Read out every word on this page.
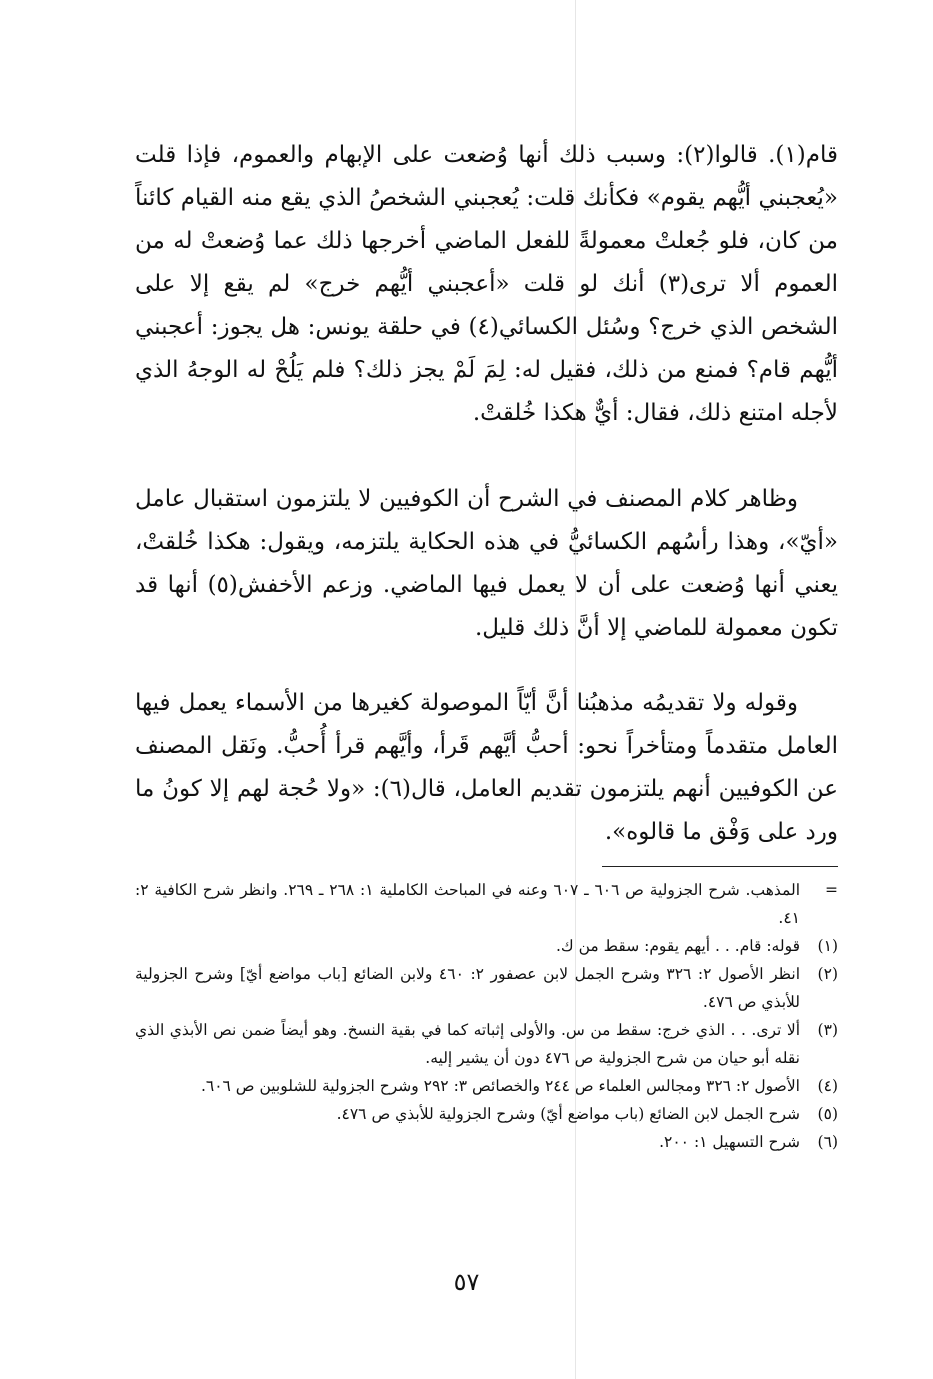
قام(١). قالوا(٢): وسبب ذلك أنها وُضعت على الإبهام والعموم، فإذا قلت «يُعجبني أيُّهم يقوم» فكأنك قلت: يُعجبني الشخصُ الذي يقع منه القيام كائناً من كان، فلو جُعلتْ معمولةً للفعل الماضي أخرجها ذلك عما وُضعتْ له من العموم ألا ترى(٣) أنك لو قلت «أعجبني أيُّهم خرج» لم يقع إلا على الشخص الذي خرج؟ وسُئل الكسائي(٤) في حلقة يونس: هل يجوز: أعجبني أيُّهم قام؟ فمنع من ذلك، فقيل له: لِمَ لَمْ يجز ذلك؟ فلم يَلُحْ له الوجهُ الذي لأجله امتنع ذلك، فقال: أيٌّ هكذا خُلقتْ.

وظاهر كلام المصنف في الشرح أن الكوفيين لا يلتزمون استقبال عامل «أيّ»، وهذا رأسُهم الكسائيُّ في هذه الحكاية يلتزمه، ويقول: هكذا خُلقتْ، يعني أنها وُضعت على أن لا يعمل فيها الماضي. وزعم الأخفش(٥) أنها قد تكون معمولة للماضي إلا أنَّ ذلك قليل.

وقوله ولا تقديمُه مذهبُنا أنَّ أيّاً الموصولة كغيرها من الأسماء يعمل فيها العامل متقدماً ومتأخراً نحو: أحبُّ أيَّهم قَرأ، وأيَّهم قرأ أُحبُّ. ونَقل المصنف عن الكوفيين أنهم يلتزمون تقديم العامل، قال(٦): «ولا حُجة لهم إلا كونُ ما ورد على وَفْق ما قالوه».

=
المذهب. شرح الجزولية ص ٦٠٦ ـ ٦٠٧ وعنه في المباحث الكاملية ١: ٢٦٨ ـ ٢٦٩. وانظر شرح الكافية ٢: ٤١.
(١)
قوله: قام. . . أيهم يقوم: سقط من ك.
(٢)
انظر الأصول ٢: ٣٢٦ وشرح الجمل لابن عصفور ٢: ٤٦٠ ولابن الضائع [باب مواضع أيّ] وشرح الجزولية للأبذي ص ٤٧٦.
(٣)
ألا ترى. . . الذي خرج: سقط من س. والأولى إثباته كما في بقية النسخ. وهو أيضاً ضمن نص الأبذي الذي نقله أبو حيان من شرح الجزولية ص ٤٧٦ دون أن يشير إليه.
(٤)
الأصول ٢: ٣٢٦ ومجالس العلماء ص ٢٤٤ والخصائص ٣: ٢٩٢ وشرح الجزولية للشلوبين ص ٦٠٦.
(٥)
شرح الجمل لابن الضائع (باب مواضع أيّ) وشرح الجزولية للأبذي ص ٤٧٦.
(٦)
شرح التسهيل ١: ٢٠٠.
٥٧
